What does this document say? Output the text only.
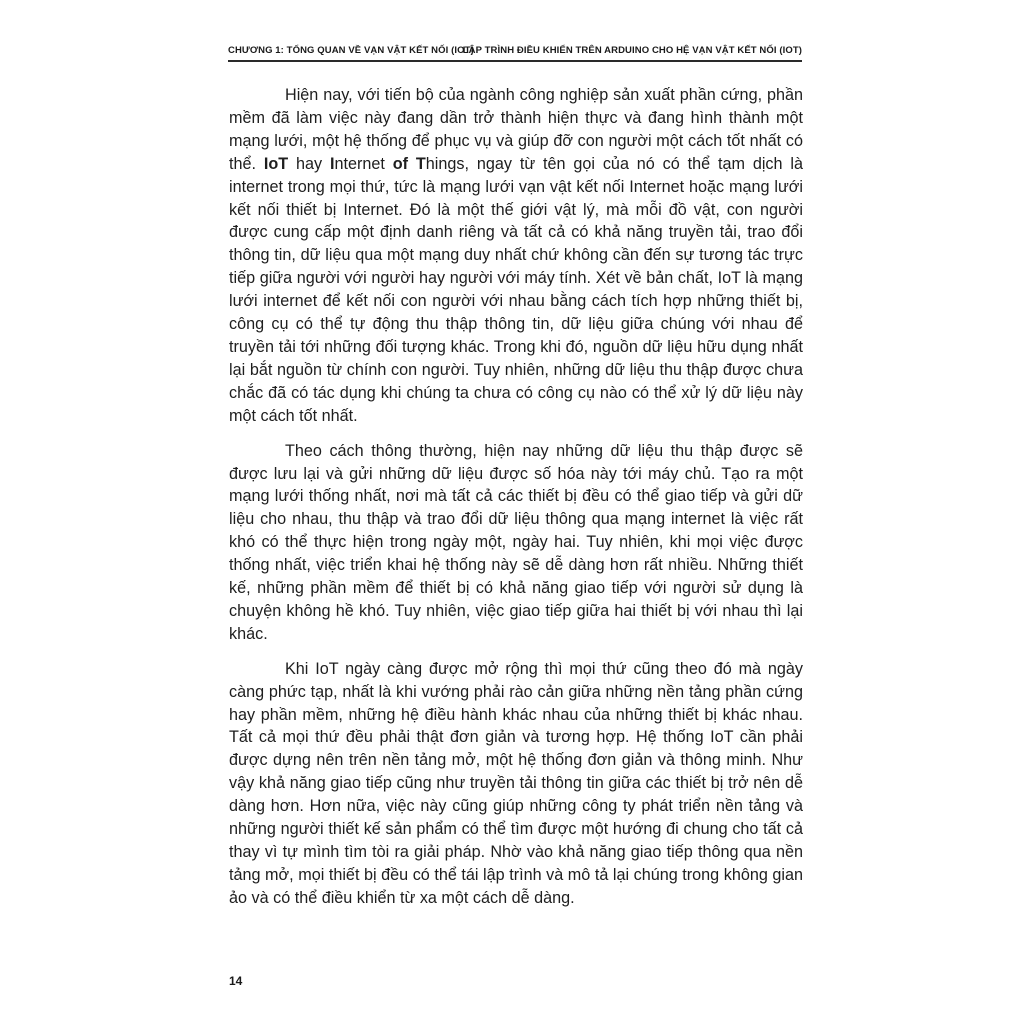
CHƯƠNG 1: TỔNG QUAN VỀ VẠN VẬT KẾT NỐI (IOT)
LẬP TRÌNH ĐIỀU KHIỂN TRÊN ARDUINO CHO HỆ VẠN VẬT KẾT NỐI (IOT)

Hiện nay, với tiến bộ của ngành công nghiệp sản xuất phần cứng, phần mềm đã làm việc này đang dần trở thành hiện thực và đang hình thành một mạng lưới, một hệ thống để phục vụ và giúp đỡ con người một cách tốt nhất có thể. IoT hay Internet of Things, ngay từ tên gọi của nó có thể tạm dịch là internet trong mọi thứ, tức là mạng lưới vạn vật kết nối Internet hoặc mạng lưới kết nối thiết bị Internet. Đó là một thế giới vật lý, mà mỗi đồ vật, con người được cung cấp một định danh riêng và tất cả có khả năng truyền tải, trao đổi thông tin, dữ liệu qua một mạng duy nhất chứ không cần đến sự tương tác trực tiếp giữa người với người hay người với máy tính. Xét về bản chất, IoT là mạng lưới internet để kết nối con người với nhau bằng cách tích hợp những thiết bị, công cụ có thể tự động thu thập thông tin, dữ liệu giữa chúng với nhau để truyền tải tới những đối tượng khác. Trong khi đó, nguồn dữ liệu hữu dụng nhất lại bắt nguồn từ chính con người. Tuy nhiên, những dữ liệu thu thập được chưa chắc đã có tác dụng khi chúng ta chưa có công cụ nào có thể xử lý dữ liệu này một cách tốt nhất.

Theo cách thông thường, hiện nay những dữ liệu thu thập được sẽ được lưu lại và gửi những dữ liệu được số hóa này tới máy chủ. Tạo ra một mạng lưới thống nhất, nơi mà tất cả các thiết bị đều có thể giao tiếp và gửi dữ liệu cho nhau, thu thập và trao đổi dữ liệu thông qua mạng internet là việc rất khó có thể thực hiện trong ngày một, ngày hai. Tuy nhiên, khi mọi việc được thống nhất, việc triển khai hệ thống này sẽ dễ dàng hơn rất nhiều. Những thiết kế, những phần mềm để thiết bị có khả năng giao tiếp với người sử dụng là chuyện không hề khó. Tuy nhiên, việc giao tiếp giữa hai thiết bị với nhau thì lại khác.

Khi IoT ngày càng được mở rộng thì mọi thứ cũng theo đó mà ngày càng phức tạp, nhất là khi vướng phải rào cản giữa những nền tảng phần cứng hay phần mềm, những hệ điều hành khác nhau của những thiết bị khác nhau. Tất cả mọi thứ đều phải thật đơn giản và tương hợp. Hệ thống IoT cần phải được dựng nên trên nền tảng mở, một hệ thống đơn giản và thông minh. Như vậy khả năng giao tiếp cũng như truyền tải thông tin giữa các thiết bị trở nên dễ dàng hơn. Hơn nữa, việc này cũng giúp những công ty phát triển nền tảng và những người thiết kế sản phẩm có thể tìm được một hướng đi chung cho tất cả thay vì tự mình tìm tòi ra giải pháp. Nhờ vào khả năng giao tiếp thông qua nền tảng mở, mọi thiết bị đều có thể tái lập trình và mô tả lại chúng trong không gian ảo và có thể điều khiển từ xa một cách dễ dàng.

14
